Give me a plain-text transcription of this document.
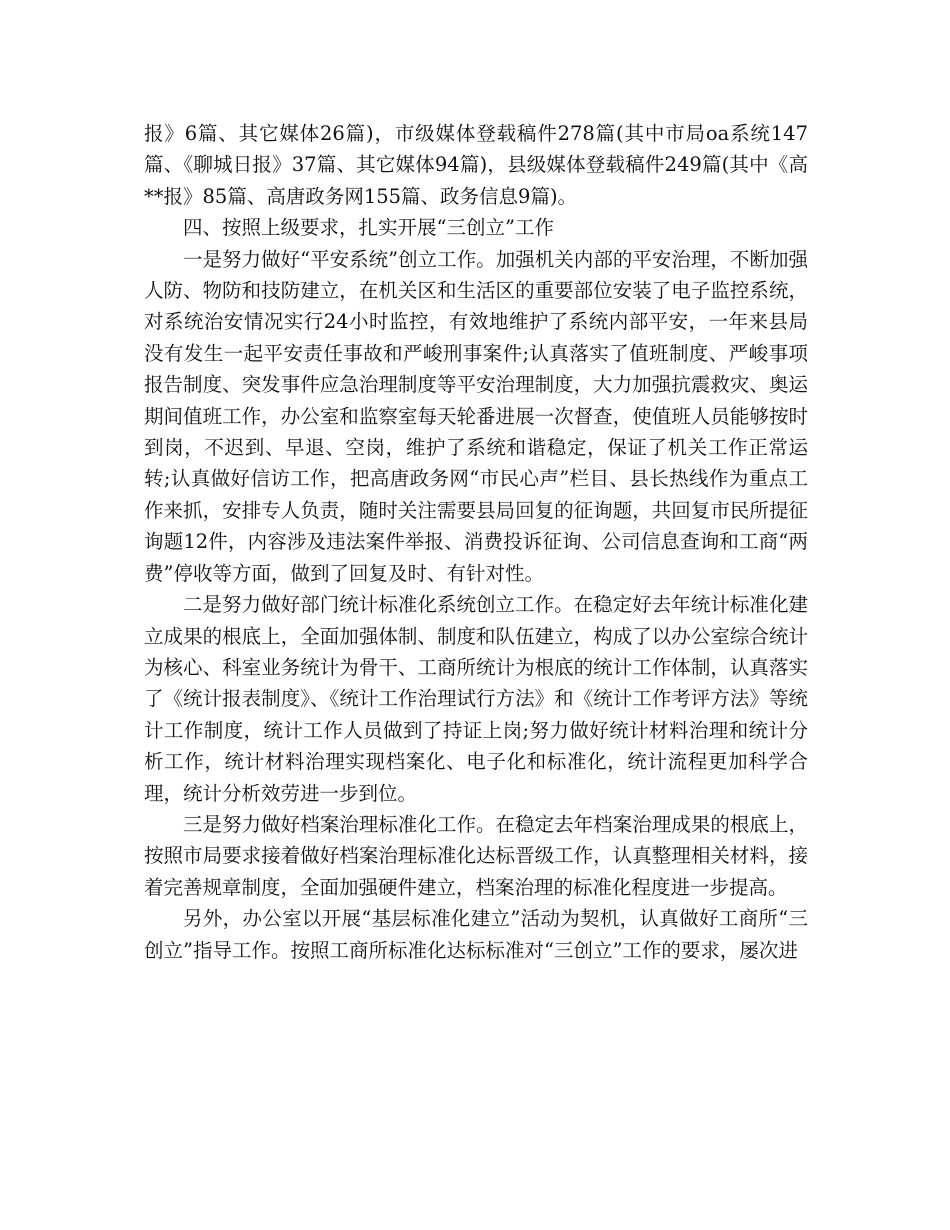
报》6篇、其它媒体26篇)，市级媒体登载稿件278篇(其中市局oa系统147篇、《聊城日报》37篇、其它媒体94篇)，县级媒体登载稿件249篇(其中《高**报》85篇、高唐政务网155篇、政务信息9篇)。

四、按照上级要求，扎实开展“三创立”工作

一是努力做好“平安系统”创立工作。加强机关内部的平安治理，不断加强人防、物防和技防建立，在机关区和生活区的重要部位安装了电子监控系统，对系统治安情况实行24小时监控，有效地维护了系统内部平安，一年来县局没有发生一起平安责任事故和严峻刑事案件;认真落实了值班制度、严峻事项报告制度、突发事件应急治理制度等平安治理制度，大力加强抗震救灾、奥运期间值班工作，办公室和监察室每天轮番进展一次督查，使值班人员能够按时到岗，不迟到、早退、空岗，维护了系统和谐稳定，保证了机关工作正常运转;认真做好信访工作，把高唐政务网“市民心声”栏目、县长热线作为重点工作来抓，安排专人负责，随时关注需要县局回复的征询题，共回复市民所提征询题12件，内容涉及违法案件举报、消费投诉征询、公司信息查询和工商“两费”停收等方面，做到了回复及时、有针对性。

二是努力做好部门统计标准化系统创立工作。在稳定好去年统计标准化建立成果的根底上，全面加强体制、制度和队伍建立，构成了以办公室综合统计为核心、科室业务统计为骨干、工商所统计为根底的统计工作体制，认真落实了《统计报表制度》、《统计工作治理试行方法》和《统计工作考评方法》等统计工作制度，统计工作人员做到了持证上岗;努力做好统计材料治理和统计分析工作，统计材料治理实现档案化、电子化和标准化，统计流程更加科学合理，统计分析效劳进一步到位。

三是努力做好档案治理标准化工作。在稳定去年档案治理成果的根底上，按照市局要求接着做好档案治理标准化达标晋级工作，认真整理相关材料，接着完善规章制度，全面加强硬件建立，档案治理的标准化程度进一步提高。

另外，办公室以开展“基层标准化建立”活动为契机，认真做好工商所“三创立”指导工作。按照工商所标准化达标标准对“三创立”工作的要求，屡次进
